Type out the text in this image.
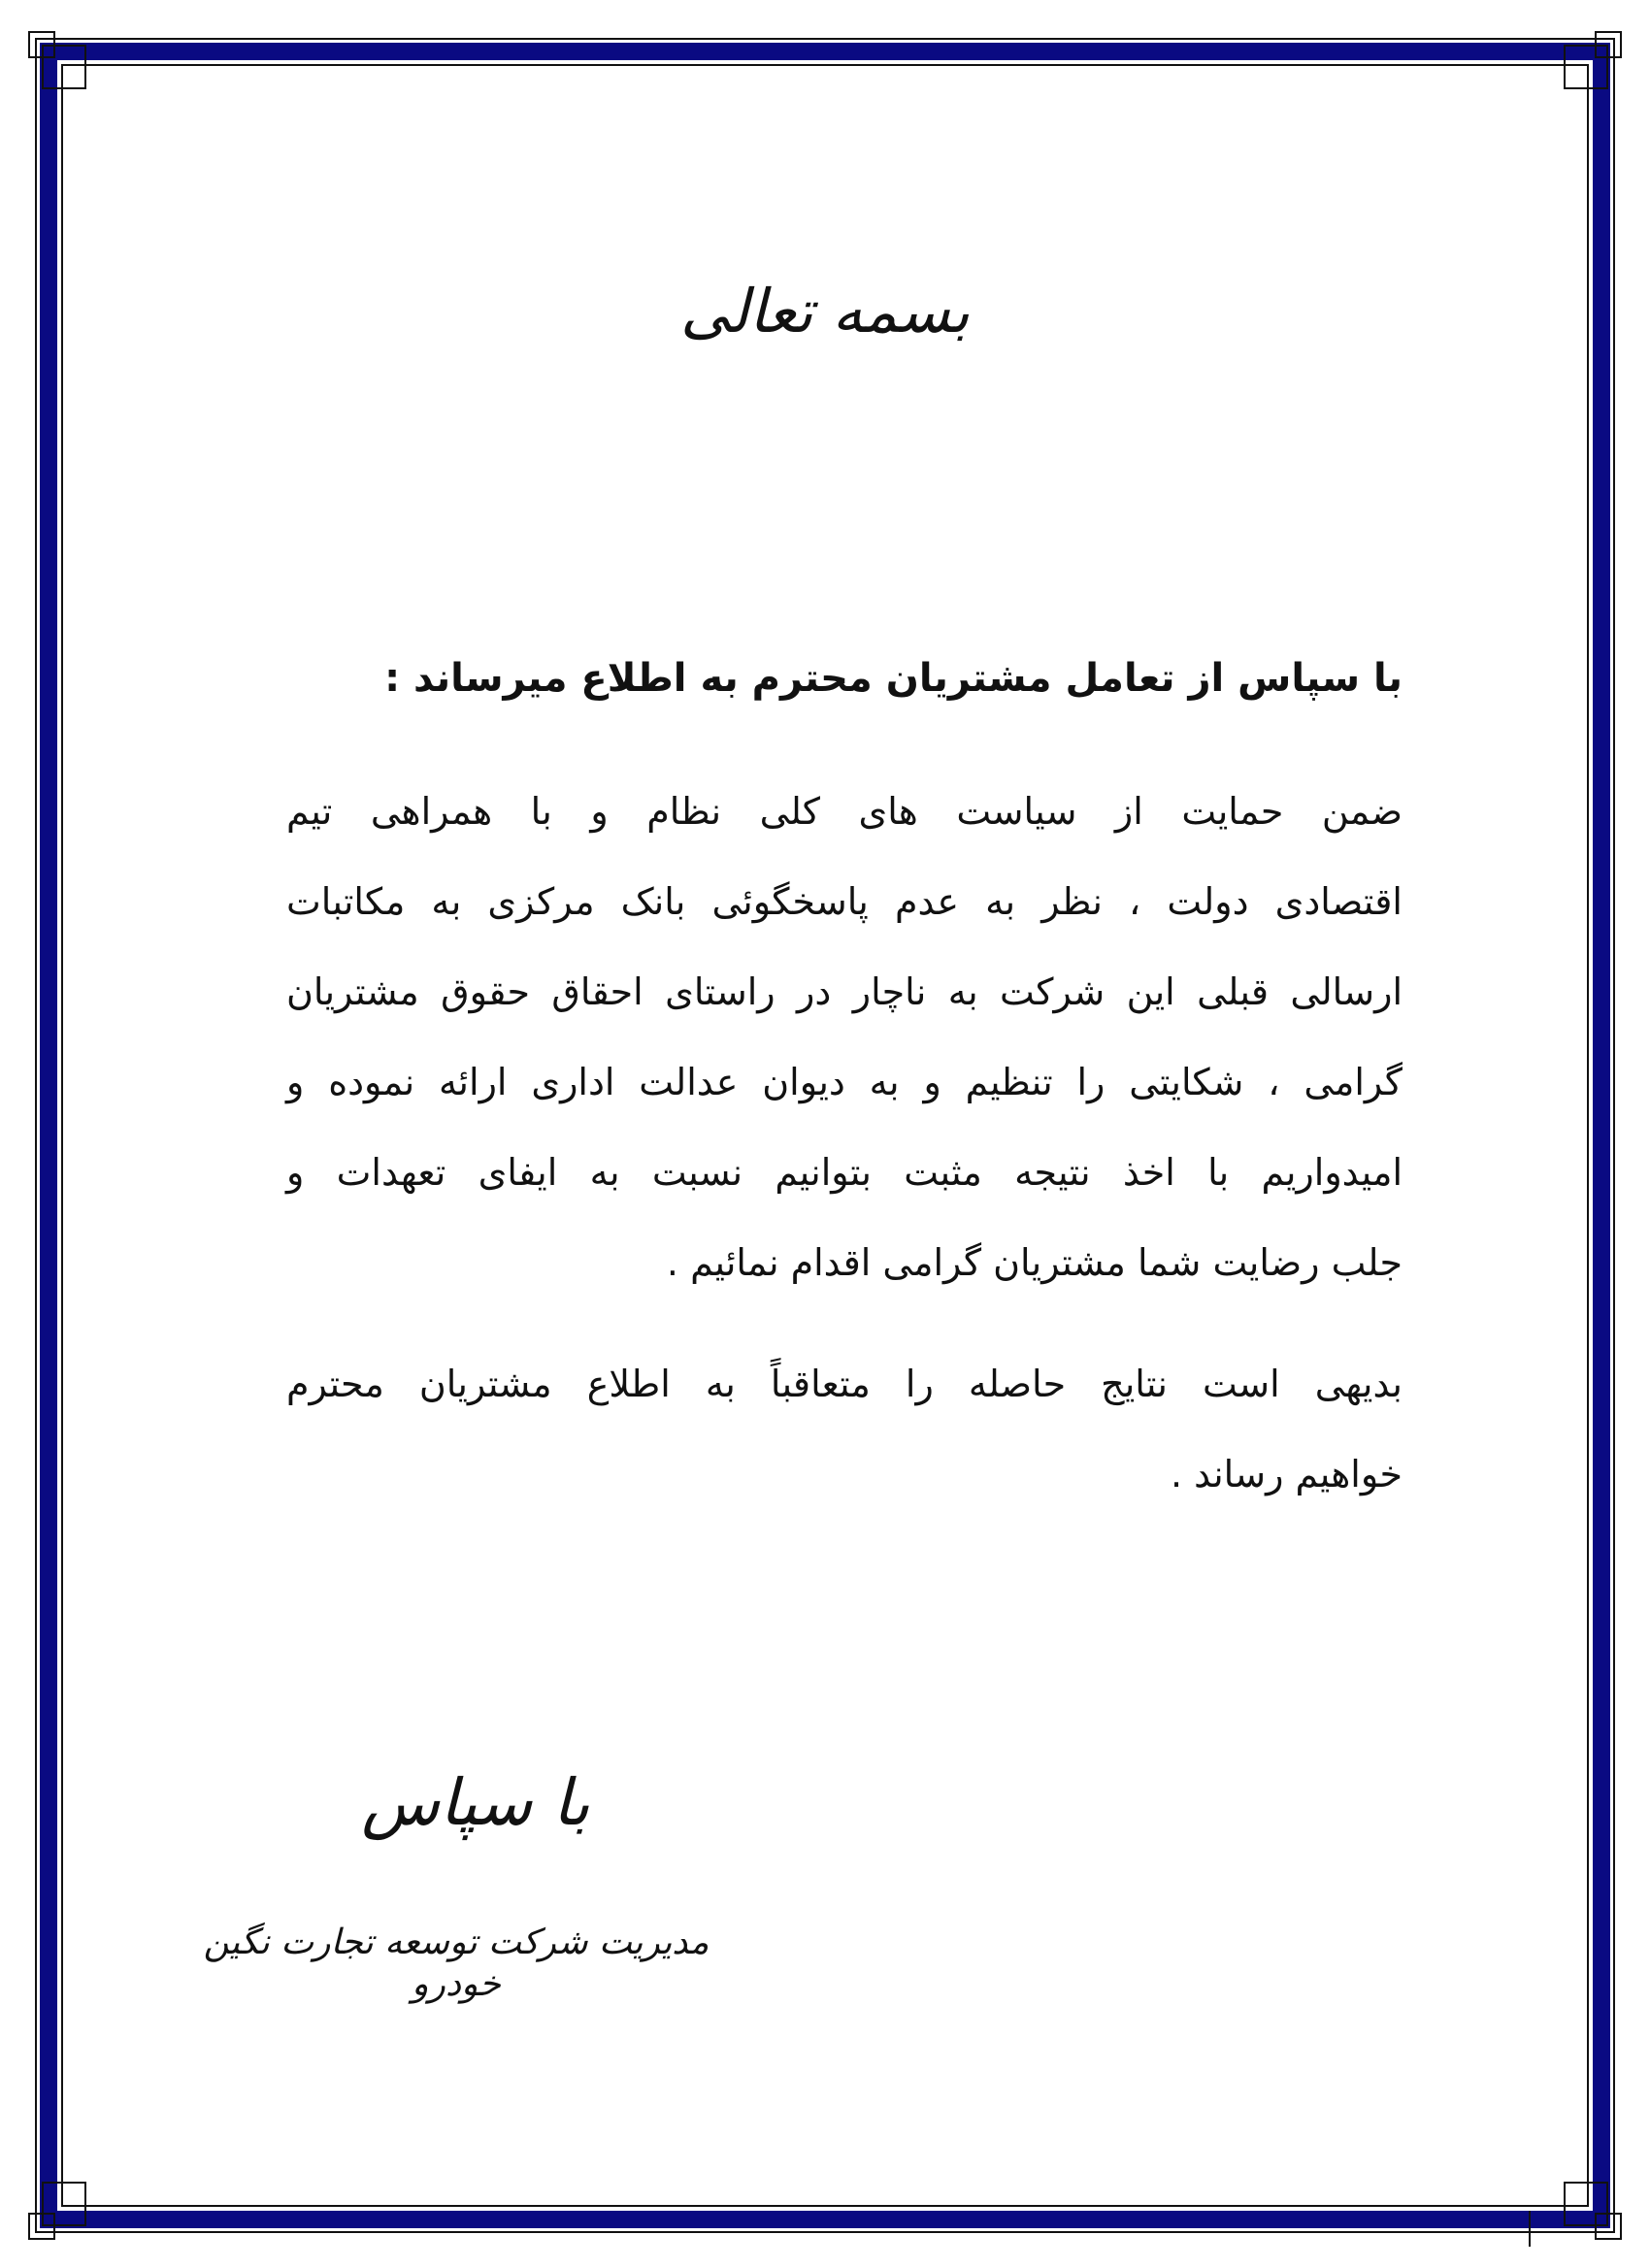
بسمه تعالی
با سپاس از تعامل مشتریان محترم به اطلاع میرساند :
ضمن حمایت از سیاست های کلی نظام و با همراهی تیم
اقتصادی دولت ، نظر به عدم پاسخگوئی بانک مرکزی به مکاتبات
ارسالی قبلی این شرکت به ناچار در راستای احقاق حقوق مشتریان
گرامی ، شکایتی را تنظیم و به دیوان عدالت اداری ارائه نموده و
امیدواریم با اخذ نتیجه مثبت بتوانیم نسبت به ایفای تعهدات و
جلب رضایت شما مشتریان گرامی اقدام نمائیم .
بدیهی است نتایج حاصله را متعاقباً به اطلاع مشتریان محترم
خواهیم رساند .
با سپاس
مدیریت شرکت توسعه تجارت نگین خودرو
